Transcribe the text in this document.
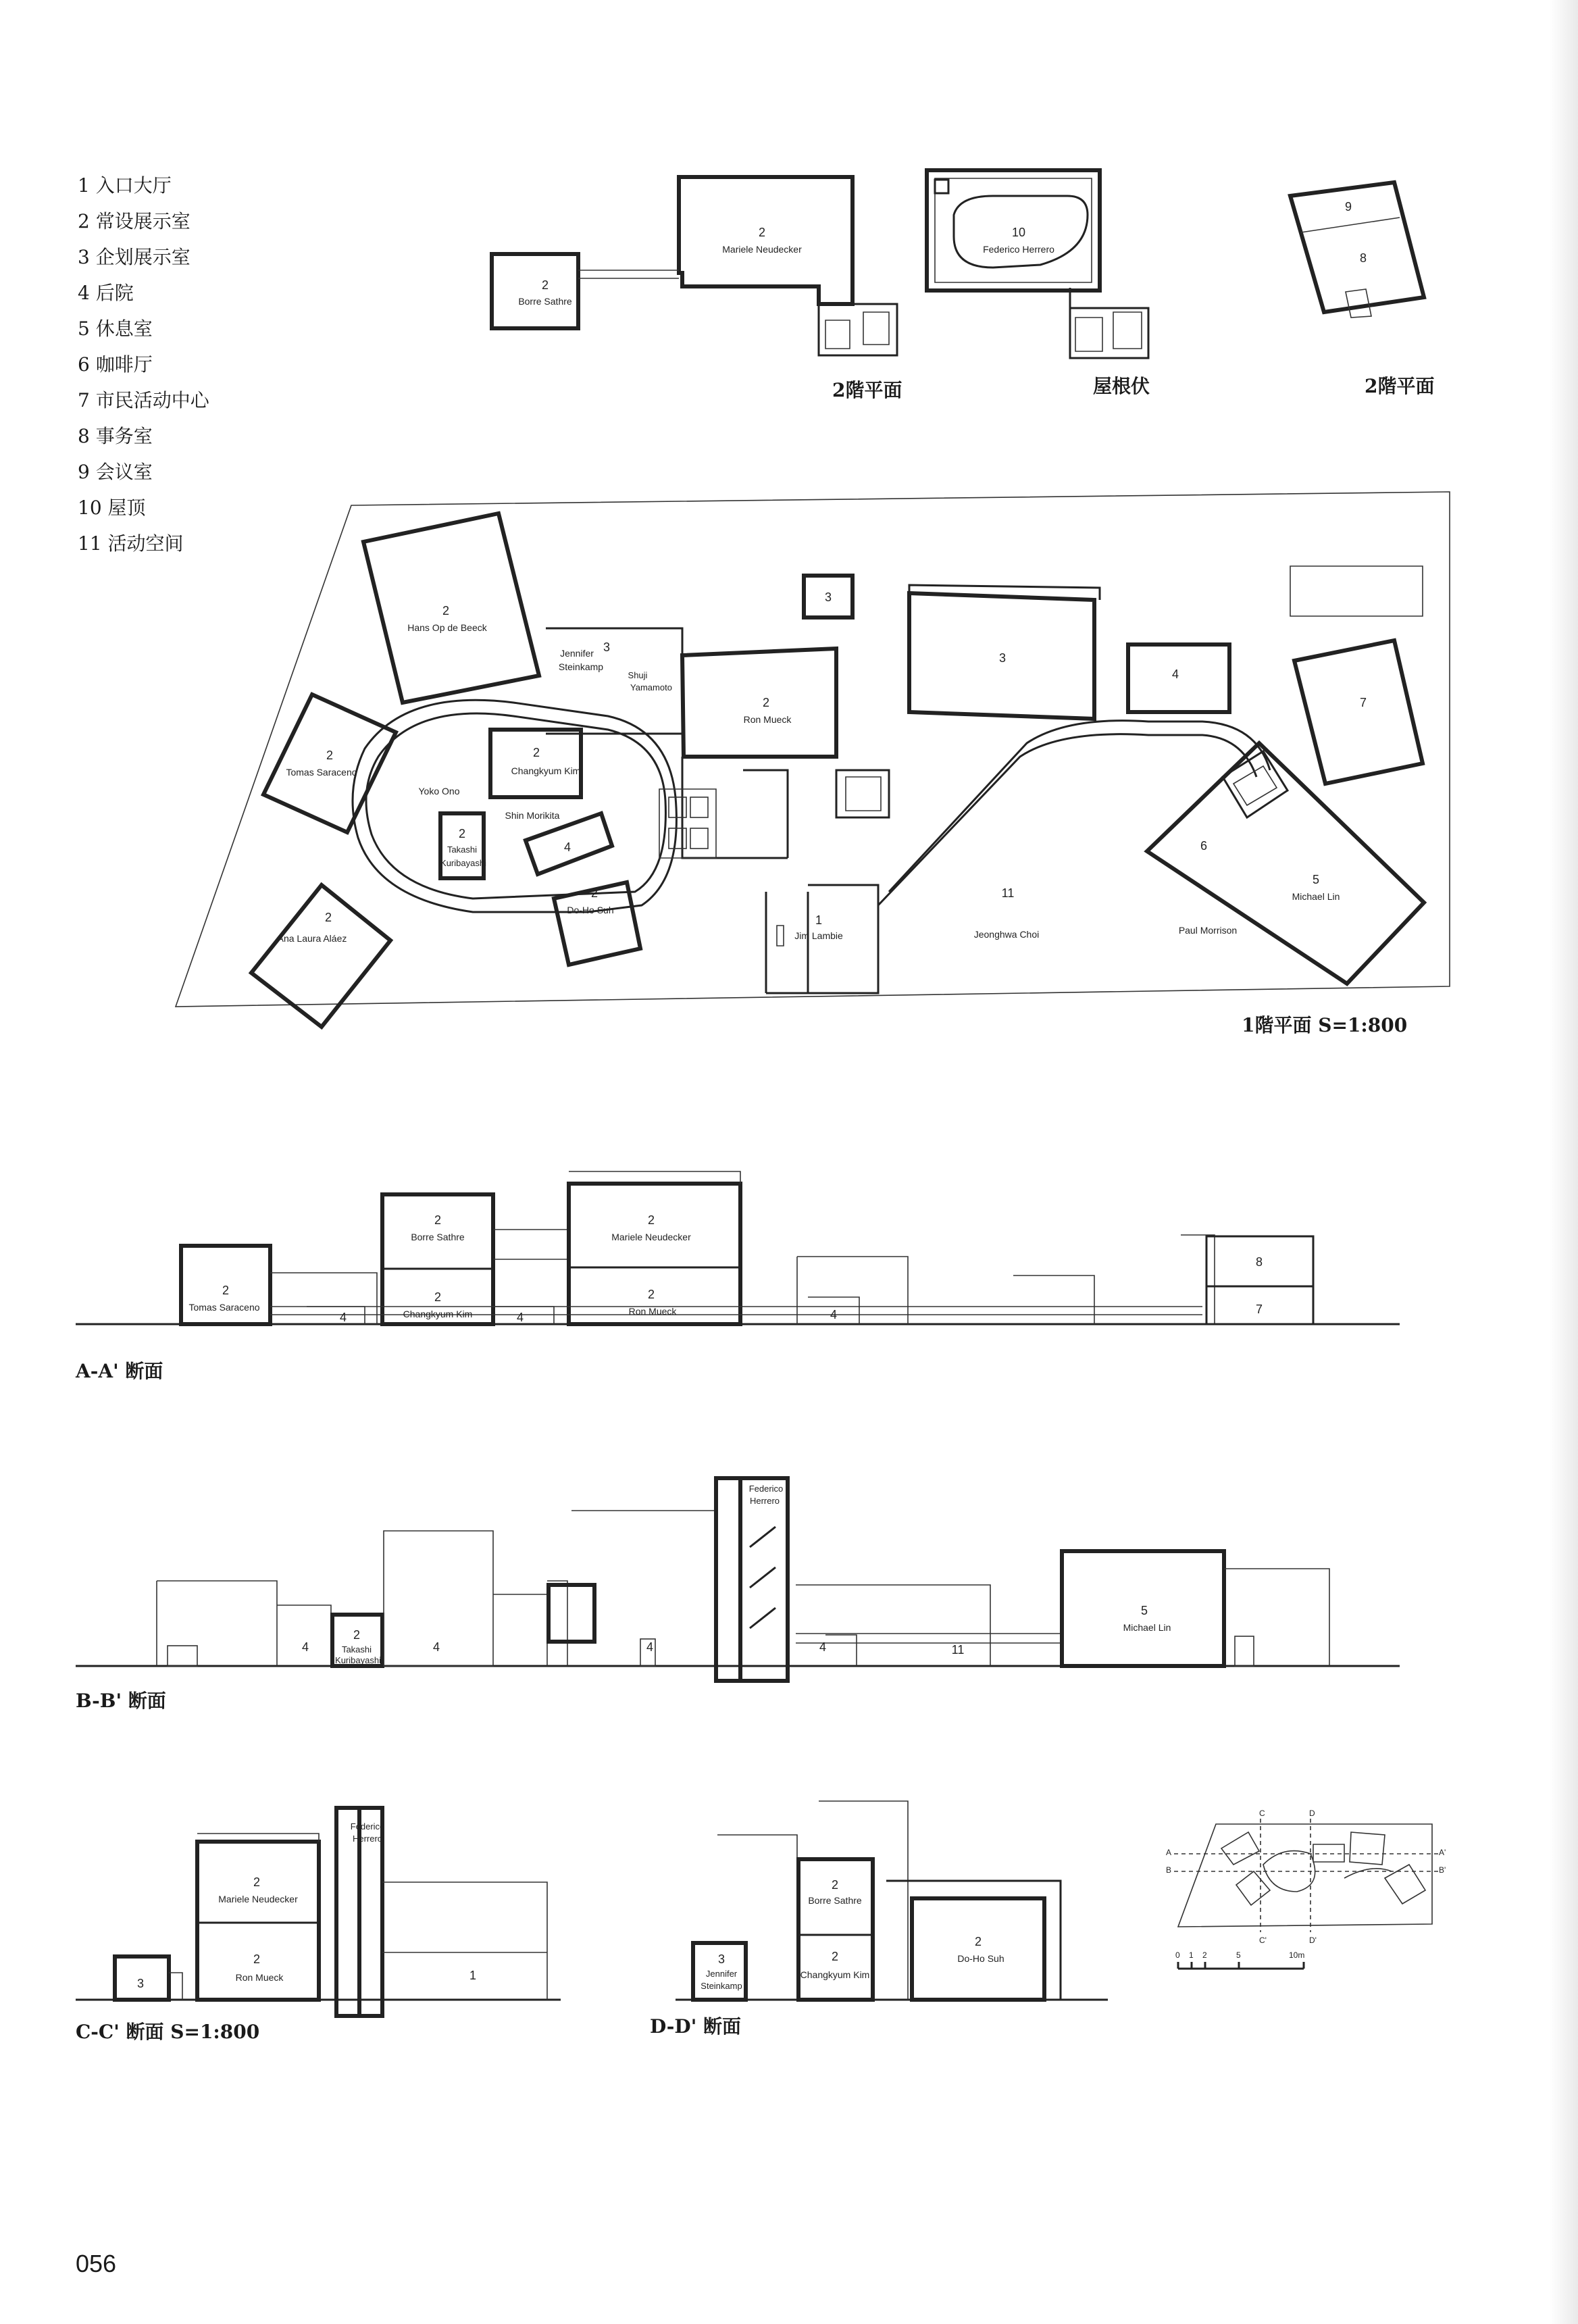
1 入口大厅
2 常设展示室
3 企划展示室
4 后院
5 休息室
6 咖啡厅
7 市民活动中心
8 事务室
9 会议室
10 屋顶
11 活动空间
2
Borre Sathre
2
Mariele Neudecker
10
Federico Herrero
9
8
2
Hans Op de Beeck
2
Tomas Saraceno
2
Ana Laura Aláez
Yoko Ono
2
Changkyum Kim
Shin Morikita
2
Takashi
Kuribayashi
4
2
Do-Ho Suh
Jennifer
Steinkamp
3
Shuji
Yamamoto
2
Ron Mueck
3
3
4
7
1
Jim Lambie
11
Jeonghwa Choi
6
5
Michael Lin
Paul Morrison
2
Tomas Saraceno
2
Borre Sathre
2
Changkyum Kim
2
Mariele Neudecker
2
Ron Mueck
4	4	4
8
7
4
2
Takashi
Kuribayashi
4	4
Federico
Herrero
4	11
5
Michael Lin
3
2
Mariele Neudecker
2
Ron Mueck
Federico
Herrero
1
3
Jennifer
Steinkamp
2
Borre Sathre
2
Changkyum Kim
2
Do-Ho Suh
A	A'
B	B'
C
C'
D
D'
0 1 2	5	10m
2階平面	屋根伏	2階平面
1階平面 S=1:800
A-A' 断面
B-B' 断面
C-C' 断面 S=1:800	D-D' 断面
056
